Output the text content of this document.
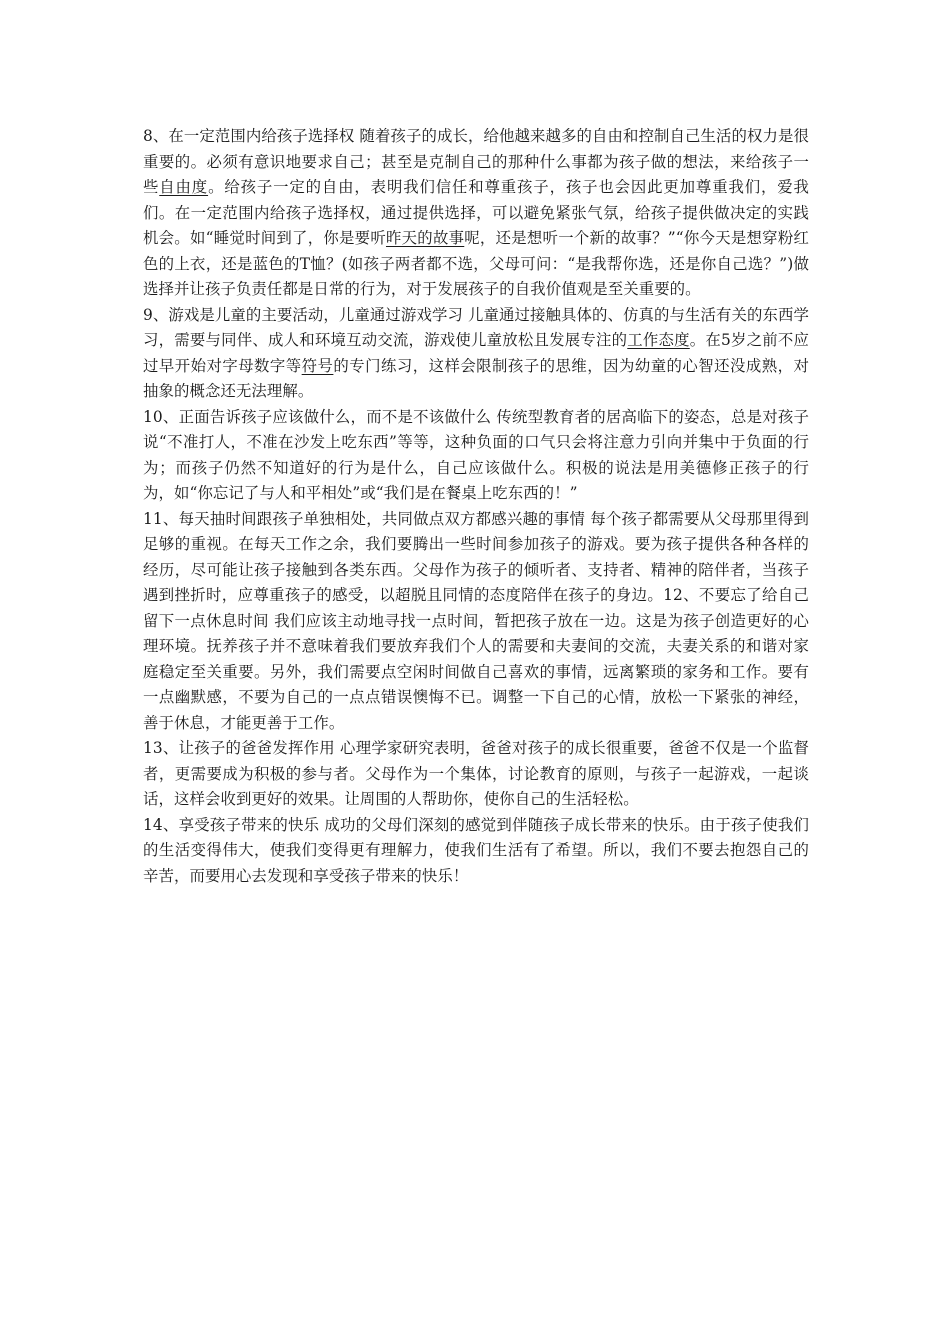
8、在一定范围内给孩子选择权 随着孩子的成长，给他越来越多的自由和控制自己生活的权力是很重要的。必须有意识地要求自己；甚至是克制自己的那种什么事都为孩子做的想法，来给孩子一些自由度。给孩子一定的自由，表明我们信任和尊重孩子，孩子也会因此更加尊重我们，爱我们。在一定范围内给孩子选择权，通过提供选择，可以避免紧张气氛，给孩子提供做决定的实践机会。如“睡觉时间到了，你是要听昨天的故事呢，还是想听一个新的故事？”“你今天是想穿粉红色的上衣，还是蓝色的T恤？(如孩子两者都不选，父母可问：“是我帮你选，还是你自己选？”)做选择并让孩子负责任都是日常的行为，对于发展孩子的自我价值观是至关重要的。

9、游戏是儿童的主要活动，儿童通过游戏学习 儿童通过接触具体的、仿真的与生活有关的东西学习，需要与同伴、成人和环境互动交流，游戏使儿童放松且发展专注的工作态度。在5岁之前不应过早开始对字母数字等符号的专门练习，这样会限制孩子的思维，因为幼童的心智还没成熟，对抽象的概念还无法理解。

10、正面告诉孩子应该做什么，而不是不该做什么 传统型教育者的居高临下的姿态，总是对孩子说“不准打人，不准在沙发上吃东西”等等，这种负面的口气只会将注意力引向并集中于负面的行为；而孩子仍然不知道好的行为是什么，自己应该做什么。积极的说法是用美德修正孩子的行为，如“你忘记了与人和平相处”或“我们是在餐桌上吃东西的！”

11、每天抽时间跟孩子单独相处，共同做点双方都感兴趣的事情 每个孩子都需要从父母那里得到足够的重视。在每天工作之余，我们要腾出一些时间参加孩子的游戏。要为孩子提供各种各样的经历，尽可能让孩子接触到各类东西。父母作为孩子的倾听者、支持者、精神的陪伴者，当孩子遇到挫折时，应尊重孩子的感受，以超脱且同情的态度陪伴在孩子的身边。12、不要忘了给自己留下一点休息时间 我们应该主动地寻找一点时间，暂把孩子放在一边。这是为孩子创造更好的心理环境。抚养孩子并不意味着我们要放弃我们个人的需要和夫妻间的交流，夫妻关系的和谐对家庭稳定至关重要。另外，我们需要点空闲时间做自己喜欢的事情，远离繁琐的家务和工作。要有一点幽默感，不要为自己的一点点错误懊悔不已。调整一下自己的心情，放松一下紧张的神经，善于休息，才能更善于工作。

13、让孩子的爸爸发挥作用 心理学家研究表明，爸爸对孩子的成长很重要，爸爸不仅是一个监督者，更需要成为积极的参与者。父母作为一个集体，讨论教育的原则，与孩子一起游戏，一起谈话，这样会收到更好的效果。让周围的人帮助你，使你自己的生活轻松。

14、享受孩子带来的快乐 成功的父母们深刻的感觉到伴随孩子成长带来的快乐。由于孩子使我们的生活变得伟大，使我们变得更有理解力，使我们生活有了希望。所以，我们不要去抱怨自己的辛苦，而要用心去发现和享受孩子带来的快乐！
